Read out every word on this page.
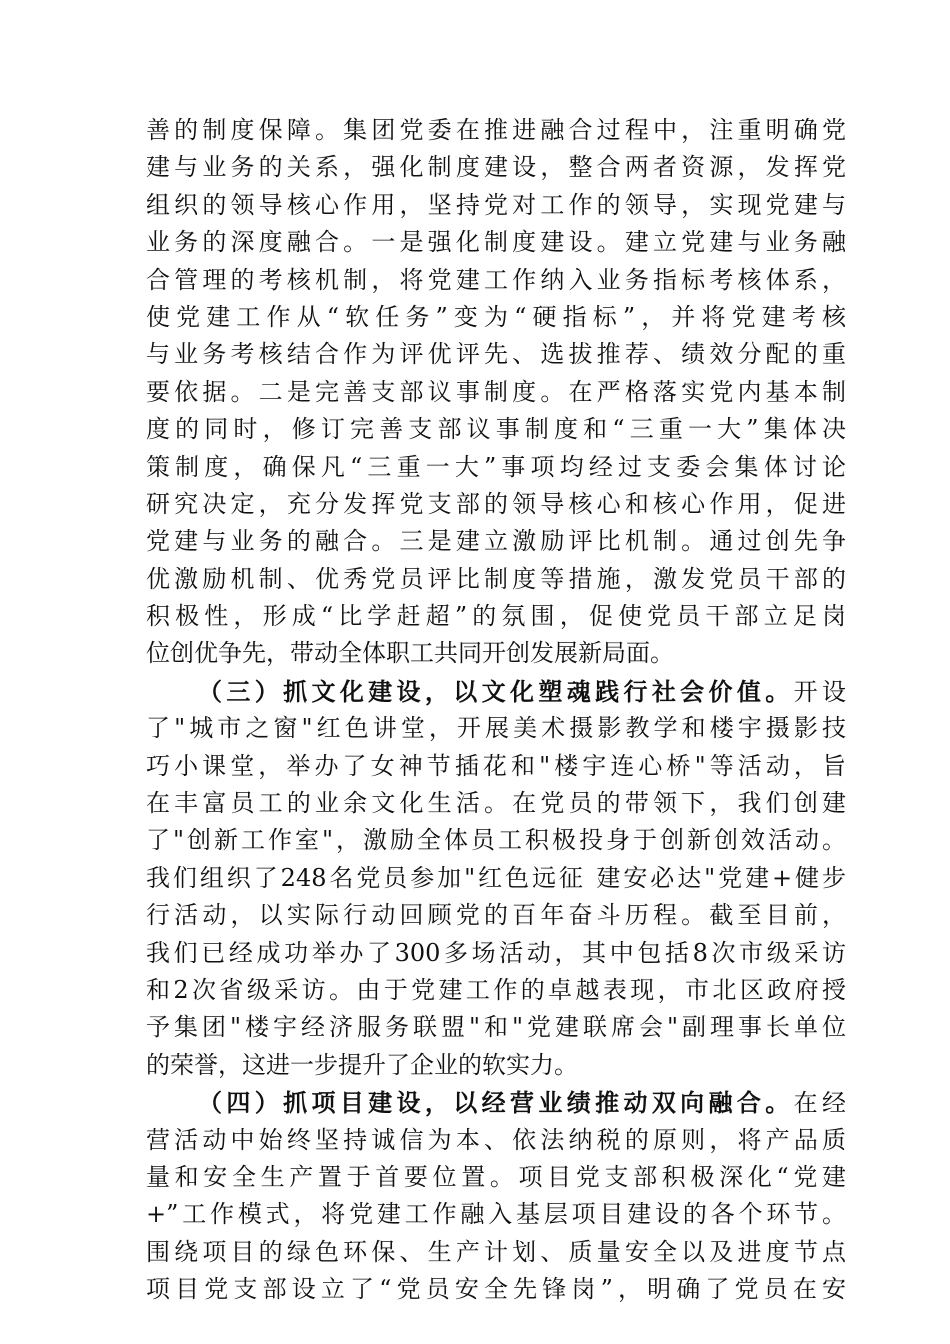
善的制度保障。集团党委在推进融合过程中，注重明确党
建与业务的关系，强化制度建设，整合两者资源，发挥党
组织的领导核心作用，坚持党对工作的领导，实现党建与
业务的深度融合。一是强化制度建设。建立党建与业务融
合管理的考核机制，将党建工作纳入业务指标考核体系，
使党建工作从“软任务”变为“硬指标”，并将党建考核
与业务考核结合作为评优评先、选拔推荐、绩效分配的重
要依据。二是完善支部议事制度。在严格落实党内基本制
度的同时，修订完善支部议事制度和“三重一大”集体决
策制度，确保凡“三重一大”事项均经过支委会集体讨论
研究决定，充分发挥党支部的领导核心和核心作用，促进
党建与业务的融合。三是建立激励评比机制。通过创先争
优激励机制、优秀党员评比制度等措施，激发党员干部的
积极性，形成“比学赶超”的氛围，促使党员干部立足岗
位创优争先，带动全体职工共同开创发展新局面。
（三）抓文化建设，以文化塑魂践行社会价值。开设
了"城市之窗"红色讲堂，开展美术摄影教学和楼宇摄影技
巧小课堂，举办了女神节插花和"楼宇连心桥"等活动，旨
在丰富员工的业余文化生活。在党员的带领下，我们创建
了"创新工作室"，激励全体员工积极投身于创新创效活动。
我们组织了248名党员参加"红色远征 建安必达"党建+健步
行活动，以实际行动回顾党的百年奋斗历程。截至目前，
我们已经成功举办了300多场活动，其中包括8次市级采访
和2次省级采访。由于党建工作的卓越表现，市北区政府授
予集团"楼宇经济服务联盟"和"党建联席会"副理事长单位
的荣誉，这进一步提升了企业的软实力。
（四）抓项目建设，以经营业绩推动双向融合。在经
营活动中始终坚持诚信为本、依法纳税的原则，将产品质
量和安全生产置于首要位置。项目党支部积极深化“党建
+”工作模式，将党建工作融入基层项目建设的各个环节。
围绕项目的绿色环保、生产计划、质量安全以及进度节点
项目党支部设立了“党员安全先锋岗”，明确了党员在安
